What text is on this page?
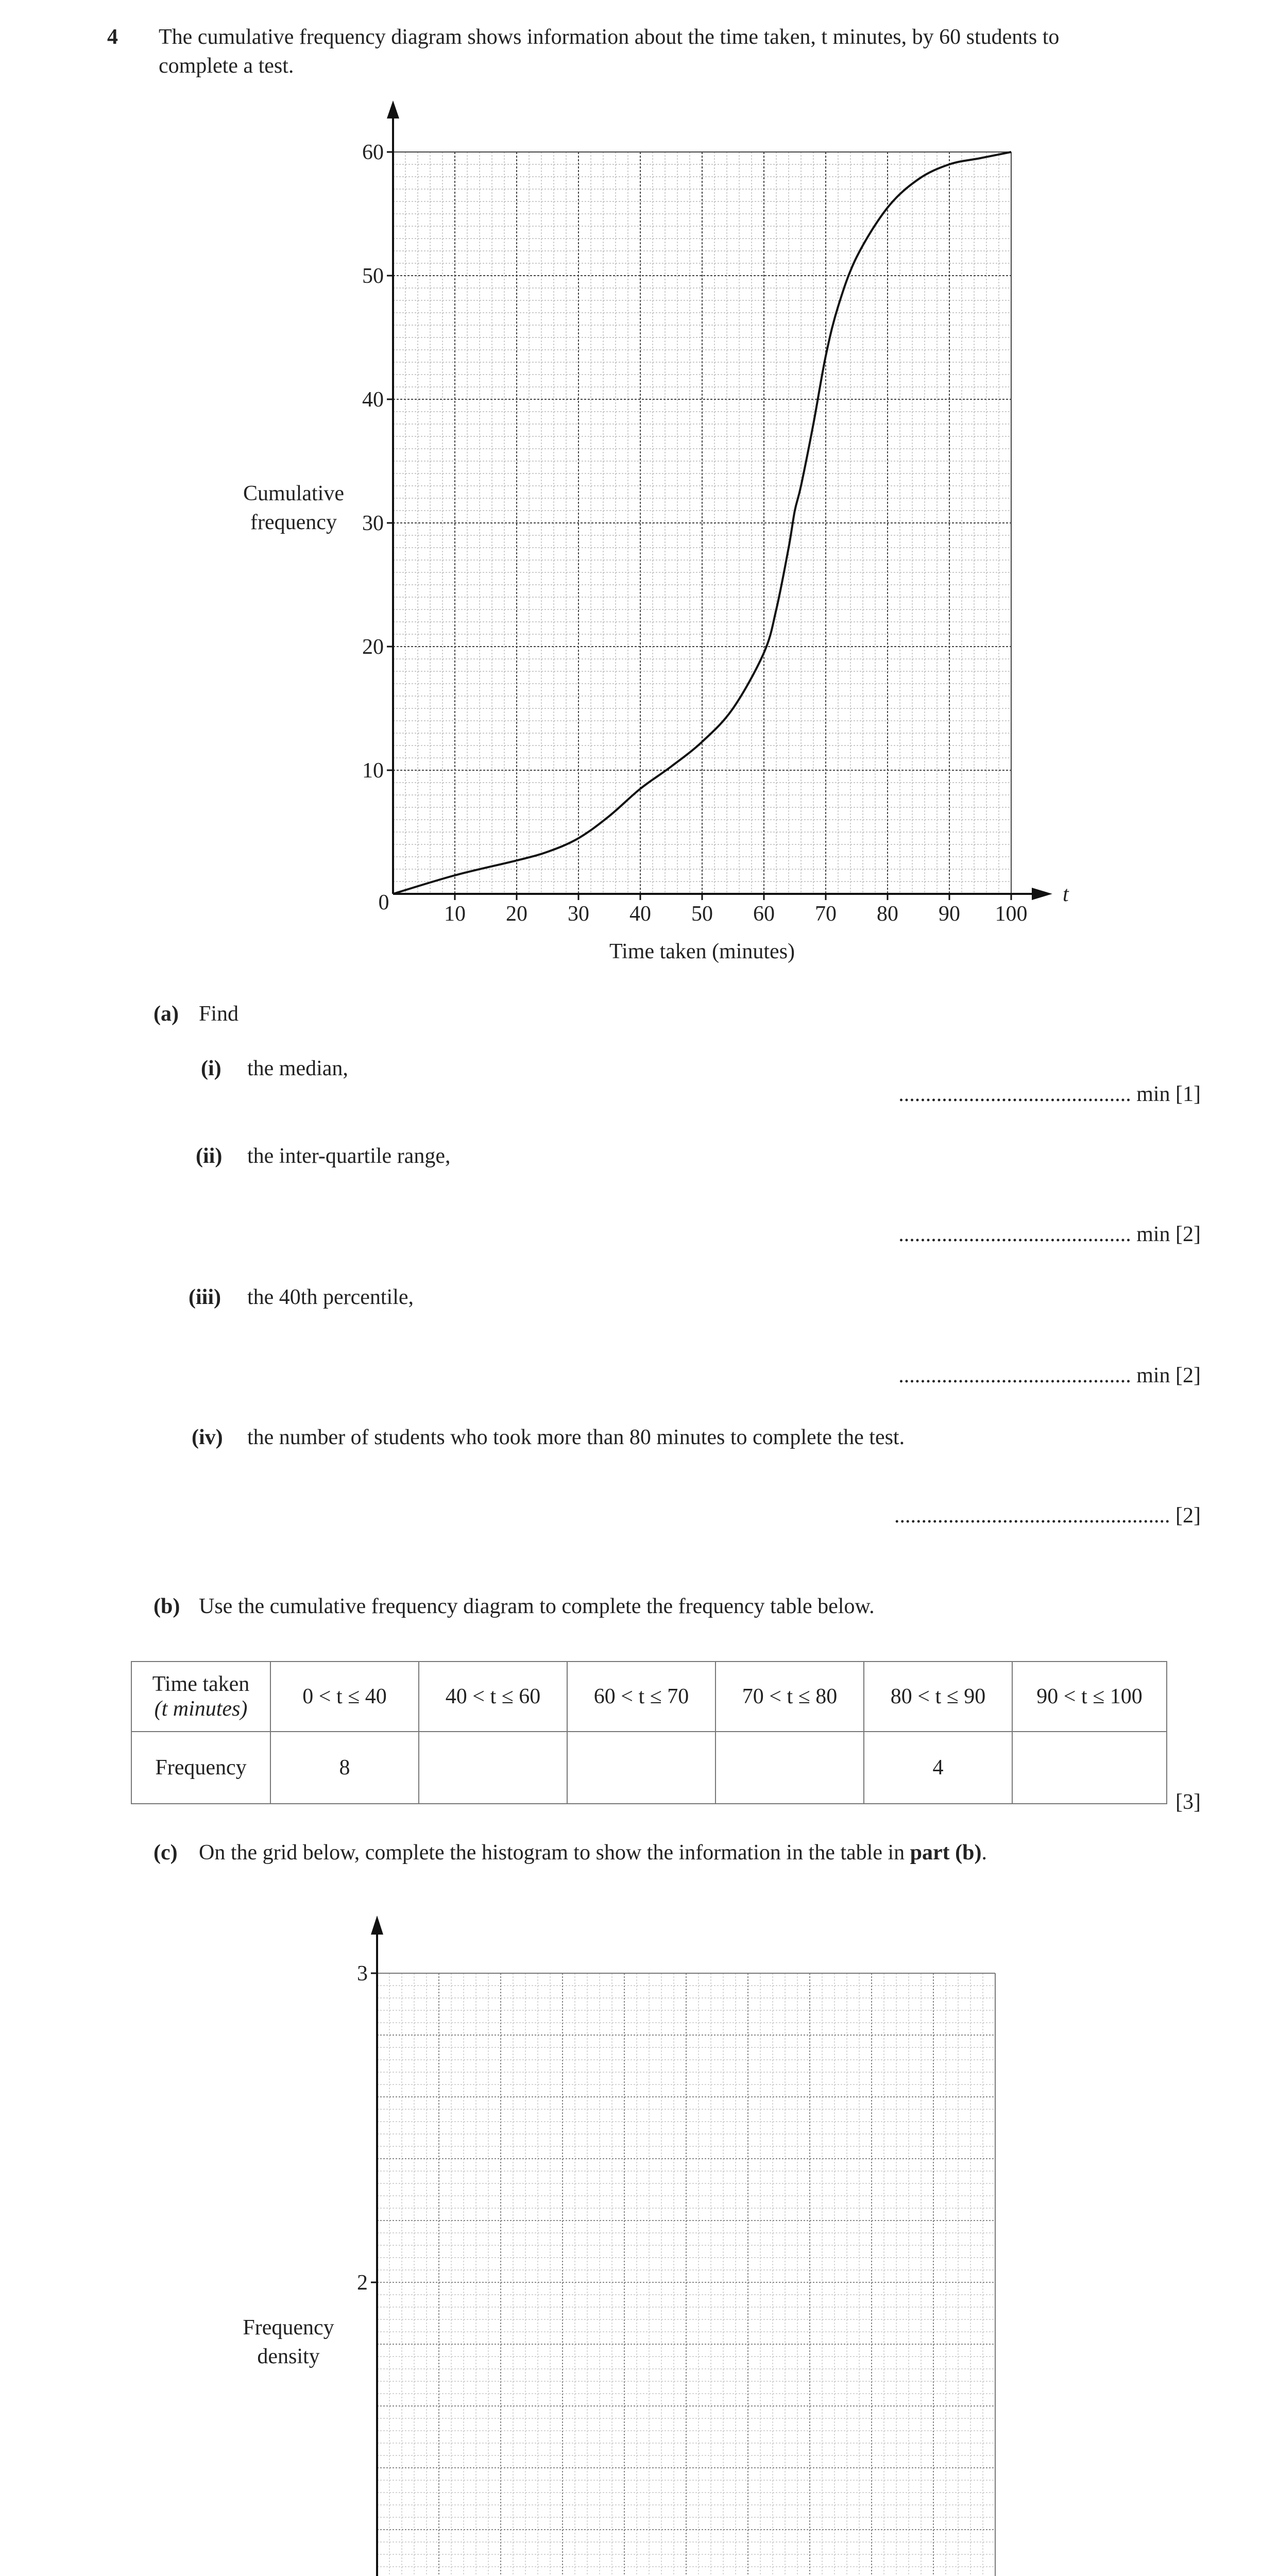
4 The cumulative frequency diagram shows information about the time taken, t minutes, by 60 students to
complete a test.
Cumulative
frequency
t
0	10 20 30 40 50 60 70 80 90 100
10
20
30
40
50
60
Time taken (minutes)
(a) Find
(i) the median,
........................................... min [1]
(ii) the inter-quartile range,
........................................... min [2]
(iii) the 40th percentile,
........................................... min [2]
(iv) the number of students who took more than 80 minutes to complete the test.
................................................... [2]
(b) Use the cumulative frequency diagram to complete the frequency table below.
Time taken
(t minutes)	0 < t ≤ 40	40 < t ≤ 60	60 < t ≤ 70	70 < t ≤ 80	80 < t ≤ 90	90 < t ≤ 100
Frequency	8				4	
[3]
(c) On the grid below, complete the histogram to show the information in the table in part (b).
Frequency
density
2
3
